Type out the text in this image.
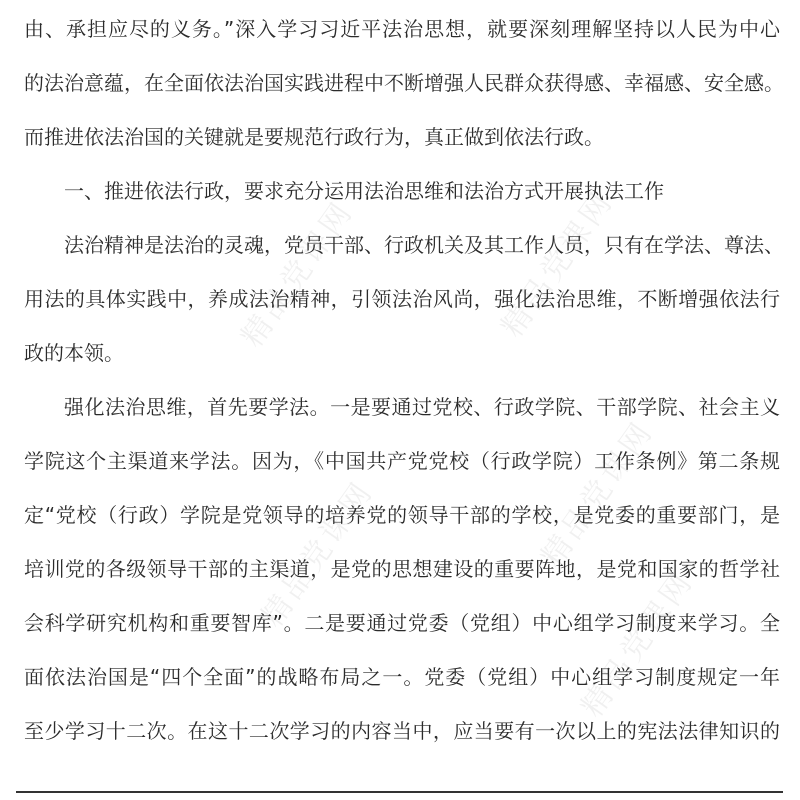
精品党课网	精品党课网
精品党课网	精品党课网
精品党课网
由、承担应尽的义务。”深入学习习近平法治思想，就要深刻理解坚持以人民为中心
的法治意蕴，在全面依法治国实践进程中不断增强人民群众获得感、幸福感、安全感。
而推进依法治国的关键就是要规范行政行为，真正做到依法行政。
一、推进依法行政，要求充分运用法治思维和法治方式开展执法工作
法治精神是法治的灵魂，党员干部、行政机关及其工作人员，只有在学法、尊法、
用法的具体实践中，养成法治精神，引领法治风尚，强化法治思维，不断增强依法行
政的本领。
强化法治思维，首先要学法。一是要通过党校、行政学院、干部学院、社会主义
学院这个主渠道来学法。因为，《中国共产党党校（行政学院）工作条例》第二条规
定“党校（行政）学院是党领导的培养党的领导干部的学校，是党委的重要部门，是
培训党的各级领导干部的主渠道，是党的思想建设的重要阵地，是党和国家的哲学社
会科学研究机构和重要智库”。二是要通过党委（党组）中心组学习制度来学习。全
面依法治国是“四个全面”的战略布局之一。党委（党组）中心组学习制度规定一年
至少学习十二次。在这十二次学习的内容当中，应当要有一次以上的宪法法律知识的
